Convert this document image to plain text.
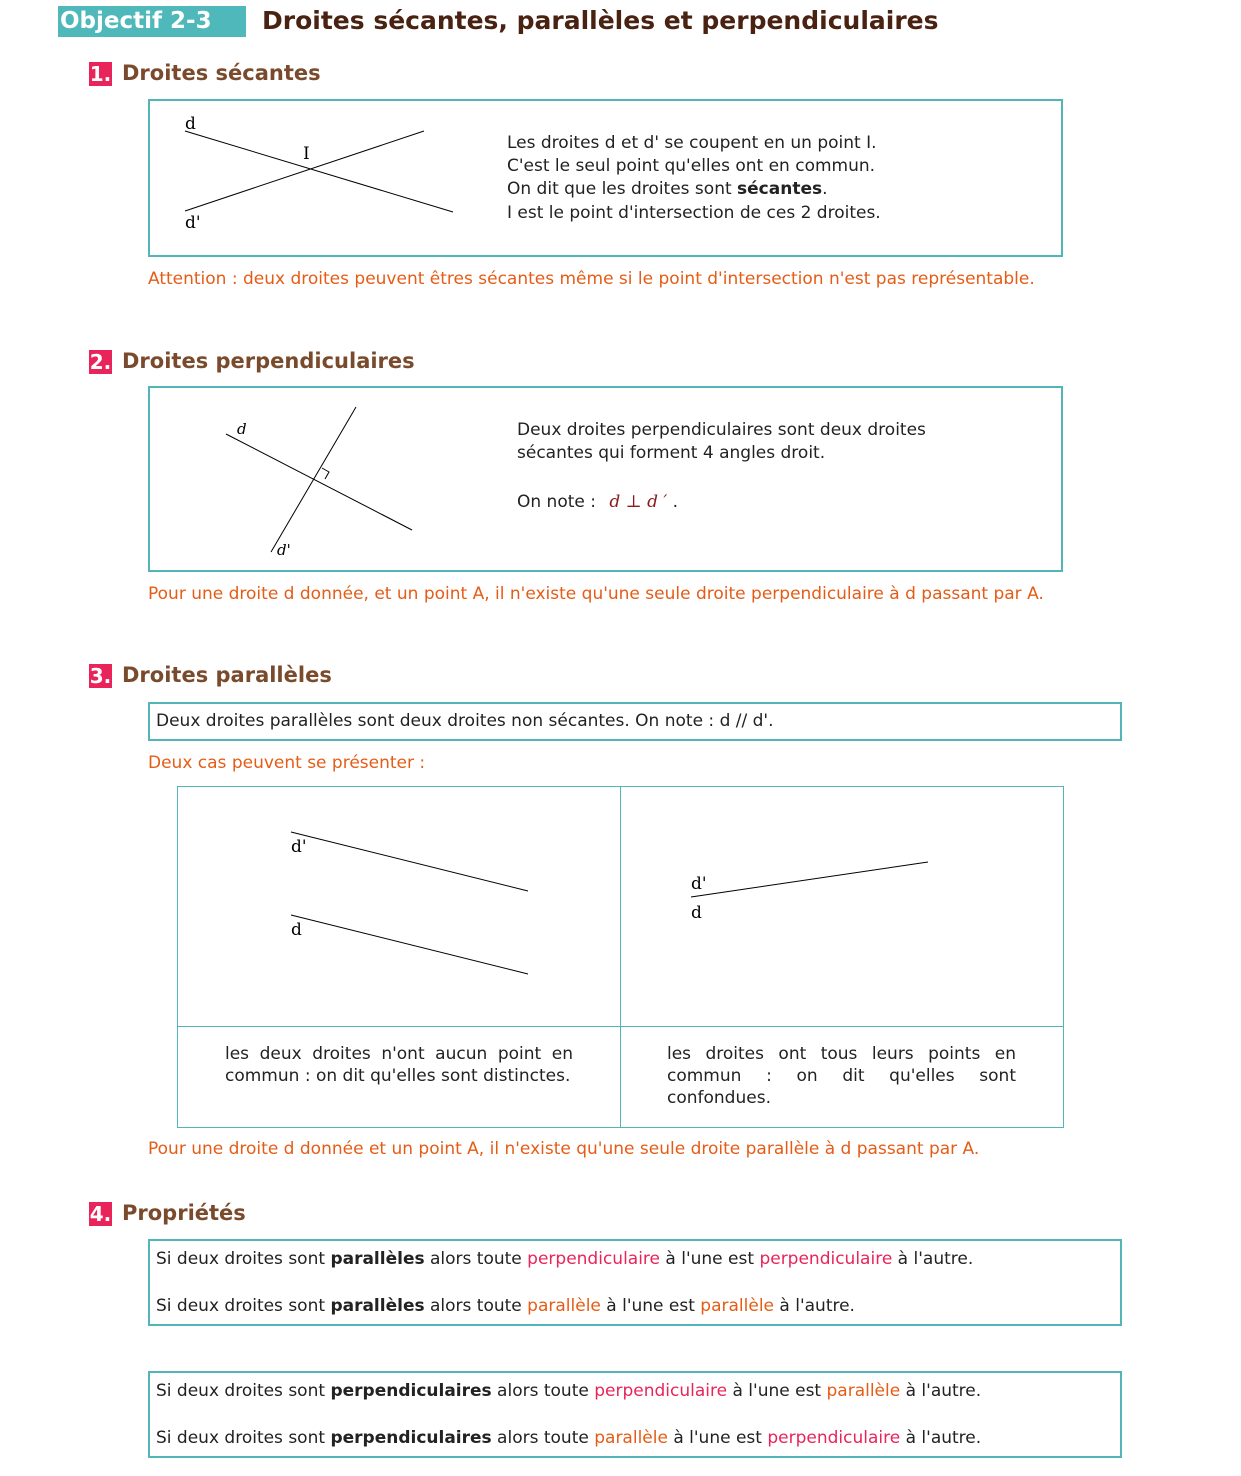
Objectif 2-3	Droites sécantes, parallèles et perpendiculaires
1. Droites sécantes
d
d'
I
Les droites d et d' se coupent en un point I.
C'est le seul point qu'elles ont en commun.
On dit que les droites sont sécantes.
I est le point d'intersection de ces 2 droites.
Attention : deux droites peuvent êtres sécantes même si le point d'intersection n'est pas représentable.
2. Droites perpendiculaires
d
d'
Deux droites perpendiculaires sont deux droites
sécantes qui forment 4 angles droit.
On note : d ⊥ d ′ .
Pour une droite d donnée, et un point A, il n'existe qu'une seule droite perpendiculaire à d passant par A.
3. Droites parallèles
Deux droites parallèles sont deux droites non sécantes. On note : d // d'.
Deux cas peuvent se présenter :
d'
d
d'
d
les deux droites n'ont aucun point en commun : on dit qu'elles sont distinctes.
les droites ont tous leurs points en commun : on dit qu'elles sont confondues.
Pour une droite d donnée et un point A, il n'existe qu'une seule droite parallèle à d passant par A.
4. Propriétés
Si deux droites sont parallèles alors toute perpendiculaire à l'une est perpendiculaire à l'autre.
Si deux droites sont parallèles alors toute parallèle à l'une est parallèle à l'autre.
Si deux droites sont perpendiculaires alors toute perpendiculaire à l'une est parallèle à l'autre.
Si deux droites sont perpendiculaires alors toute parallèle à l'une est perpendiculaire à l'autre.
